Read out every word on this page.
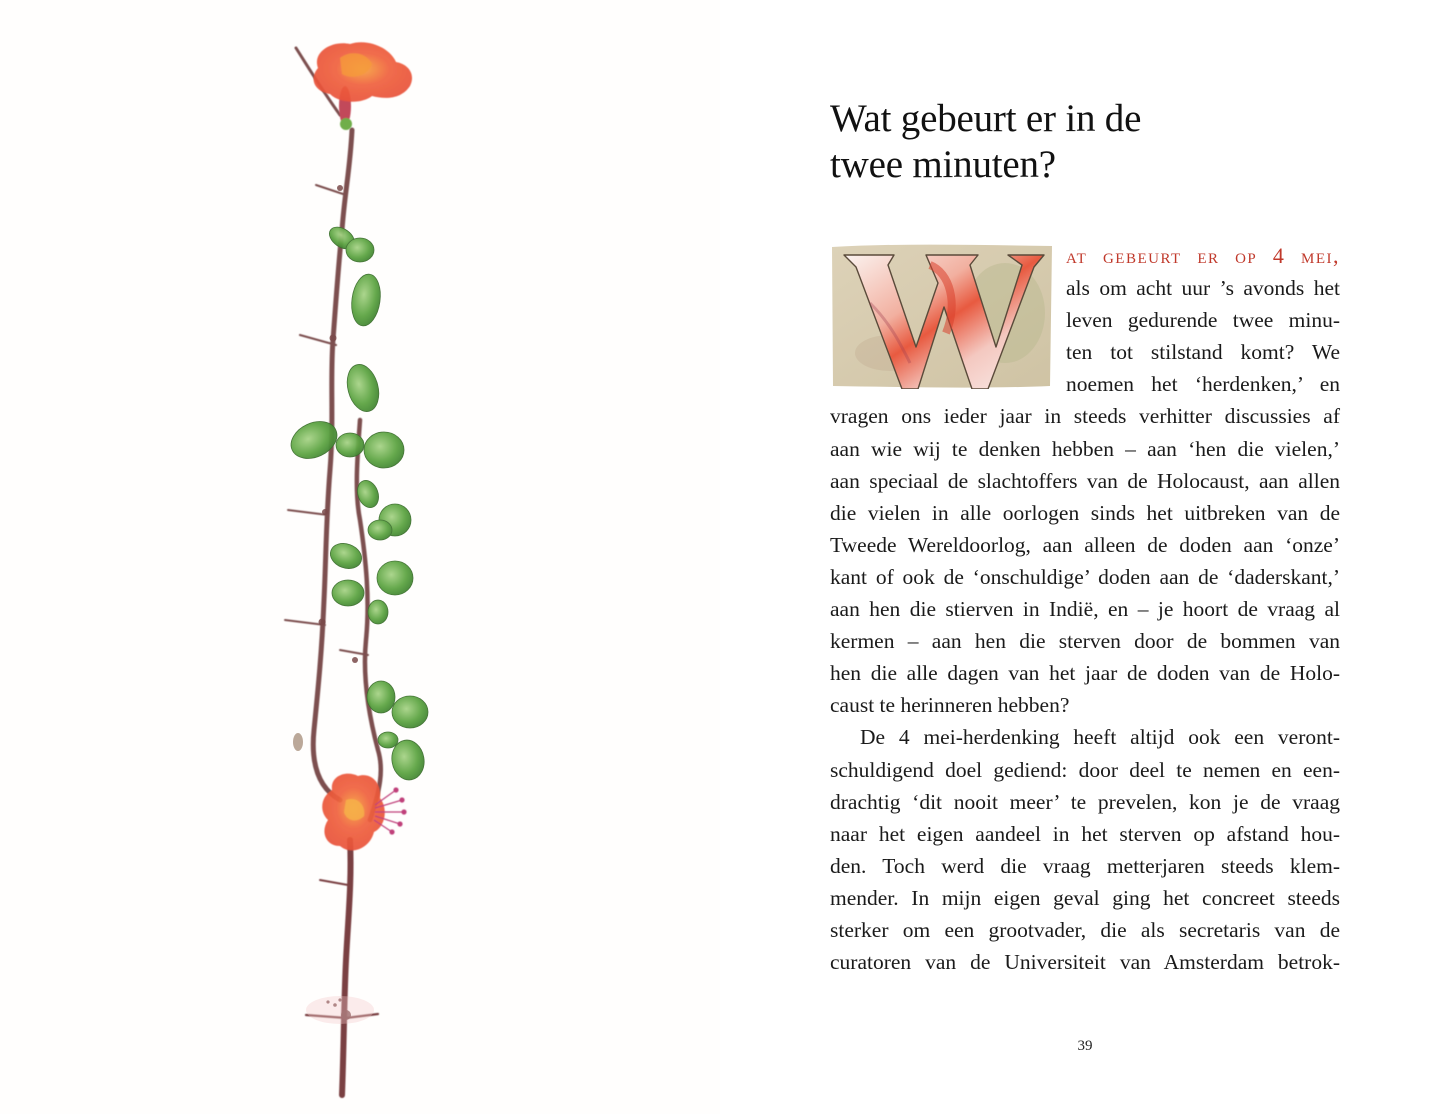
Wat gebeurt er in de
twee minuten?

at gebeurt er op 4 mei,
als om acht uur ’s avonds het
leven gedurende twee minu-
ten tot stilstand komt? We
noemen het ‘herdenken,’ en
vragen ons ieder jaar in steeds verhitter discussies af
aan wie wij te denken hebben – aan ‘hen die vielen,’
aan speciaal de slachtoffers van de Holocaust, aan allen
die vielen in alle oorlogen sinds het uitbreken van de
Tweede Wereldoorlog, aan alleen de doden aan ‘onze’
kant of ook de ‘onschuldige’ doden aan de ‘daderskant,’
aan hen die stierven in Indië, en – je hoort de vraag al
kermen – aan hen die sterven door de bommen van
hen die alle dagen van het jaar de doden van de Holo-
caust te herinneren hebben?

De 4 mei-herdenking heeft altijd ook een veront-
schuldigend doel gediend: door deel te nemen en een-
drachtig ‘dit nooit meer’ te prevelen, kon je de vraag
naar het eigen aandeel in het sterven op afstand hou-
den. Toch werd die vraag metterjaren steeds klem-
mender. In mijn eigen geval ging het concreet steeds
sterker om een grootvader, die als secretaris van de
curatoren van de Universiteit van Amsterdam betrok-

39
